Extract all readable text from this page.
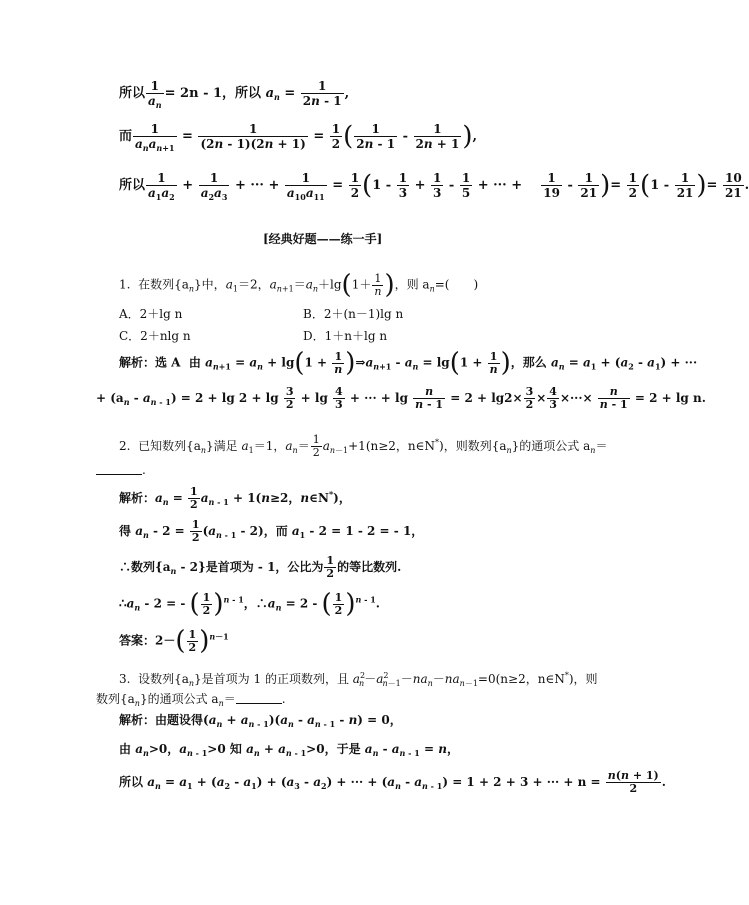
所以 $\frac{1}{a_n} = 2n - 1$，所以 $a_n = \frac{1}{2n - 1}$ ,
而 $\frac{1}{a_na_{n+1}} = \frac{1}{(2n - 1)(2n + 1)} = \frac{1}{2}$ ( $\frac{1}{2n - 1} - \frac{1}{2n + 1}$ ),
所以 $\frac{1}{a_1a_2} + \frac{1}{a_2a_3}$ + ··· + $\frac{1}{a_{10}a_{11}} = \frac{1}{2} (1 - \frac{1}{3} + \frac{1}{3} - \frac{1}{5}$ + ··· + $\frac{1}{19} - \frac{1}{21}$ )= $\frac{1}{2} (1 - \frac{1}{21}$ )= $\frac{10}{21}$ .
[经典好题——练一手]
1. 在数列$\{a_n\}$中，$a_1=2$，$a_{n+1}=a_n+\lg(1+ \frac{1}{n}$ )，则 $a_n=$(　　)
A．2＋lg n	B．2＋(n－1)lg n
C．2＋nlg n	D．1＋n＋lg n
解析：选 A 由 $a_{n+1} = a_n + \lg(1 + \frac{1}{n}$ )$\Rightarrow a_{n+1} - a_n = \lg(1 + \frac{1}{n}$ )，那么 $a_n = a_1 + (a_2 - a_1)$ + ···
+ $(a_n - a_{n - 1}) = 2 + \lg 2 + \lg \frac{3}{2} + \lg \frac{4}{3}$ + ··· + $\lg \frac{n}{n - 1} = 2 + \lg 2\times \frac{3}{2} \times \frac{4}{3}$ ×···× $\frac{n}{n - 1} = 2 + \lg n$.
2. 已知数列$\{a_n\}$满足 $a_1=1$，$a_n= \frac{1}{2} a_{n-1}+1(n\ge 2$，n∈N*)，则数列$\{a_n\}$的通项公式 $a_n=$
.
解析：$a_n = \frac{1}{2} a_{n - 1} + 1(n\ge 2$，n∈N*)，
得 $a_n - 2 = \frac{1}{2} (a_{n - 1} - 2)$，而 $a_1 - 2 = 1 - 2$ = - 1，
∴数列$\{a_n - 2\}$是首项为 - 1，公比为 $\frac{1}{2}$ 的等比数列.
$\therefore a_n - 2$ = - ( $\frac{1}{2} )^{n - 1}$，$\therefore a_n = 2$ - ( $\frac{1}{2} )^{n - 1}$.
答案：$2-( \frac{1}{2} )^{n-1}$
3. 设数列$\{a_n\}$是首项为 1 的正项数列，且 $a^2_n-a^2_{n-1}-na_n-na_{n-1}=0(n\ge 2$，n∈N*)，则
数列$\{a_n\}$的通项公式 $a_n=$	.
解析：由题设得$(a_n + a_{n - 1})(a_n - a_{n - 1} - n) = 0$，
由 $a_n>0$，$a_{n - 1}>0$ 知 $a_n + a_{n - 1}>0$，于是 $a_n - a_{n - 1} = n$，
所以 $a_n = a_1 + (a_2 - a_1) + (a_3 - a_2)$ + ··· + $(a_n - a_{n - 1}) = 1 + 2 + 3$ + ··· + $n = \frac{n(n + 1)}{2}$ .
